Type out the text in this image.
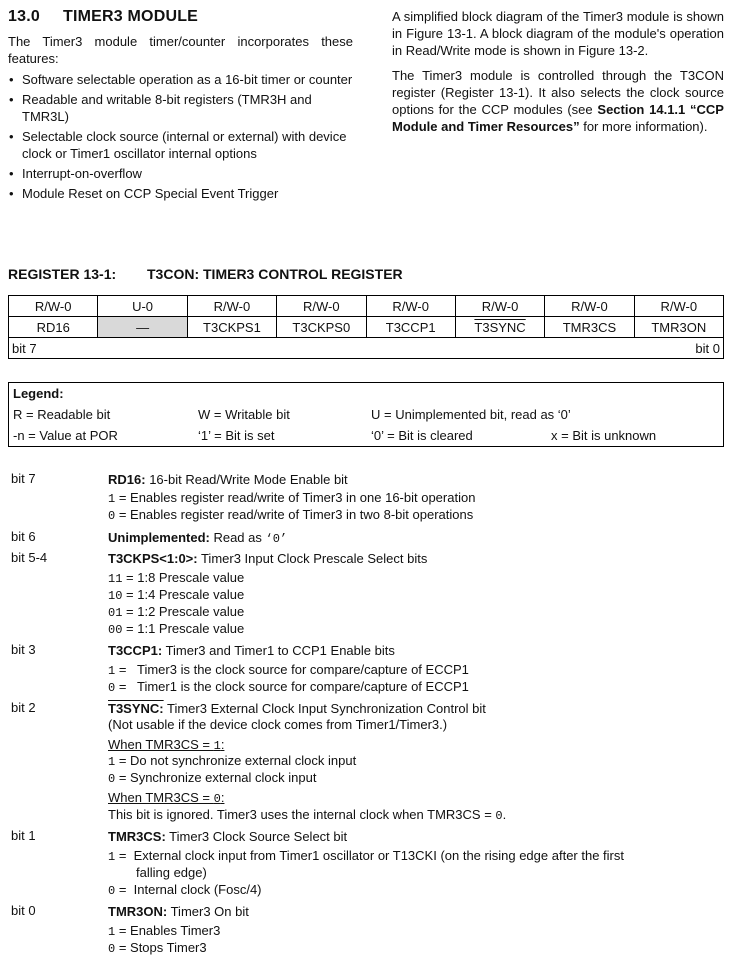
13.0 TIMER3 MODULE

The Timer3 module timer/counter incorporates these features:

• Software selectable operation as a 16-bit timer or counter
• Readable and writable 8-bit registers (TMR3H and TMR3L)
• Selectable clock source (internal or external) with device clock or Timer1 oscillator internal options
• Interrupt-on-overflow
• Module Reset on CCP Special Event Trigger

A simplified block diagram of the Timer3 module is shown in Figure 13-1. A block diagram of the module's operation in Read/Write mode is shown in Figure 13-2.

The Timer3 module is controlled through the T3CON register (Register 13-1). It also selects the clock source options for the CCP modules (see Section 14.1.1 “CCP Module and Timer Resources” for more information).

REGISTER 13-1: T3CON: TIMER3 CONTROL REGISTER
R/W-0	U-0	R/W-0	R/W-0	R/W-0	R/W-0	R/W-0	R/W-0
RD16	—	T3CKPS1	T3CKPS0	T3CCP1	T3SYNC	TMR3CS	TMR3ON
bit 7 bit 0							
Legend:
R = Readable bit	W = Writable bit	U = Unimplemented bit, read as ‘0’
-n = Value at POR	‘1’ = Bit is set	‘0’ = Bit is cleared	x = Bit is unknown
bit 7	RD16: 16-bit Read/Write Mode Enable bit
1 = Enables register read/write of Timer3 in one 16-bit operation
0 = Enables register read/write of Timer3 in two 8-bit operations
bit 6	Unimplemented: Read as ‘0’
bit 5-4	T3CKPS<1:0>: Timer3 Input Clock Prescale Select bits
11 = 1:8 Prescale value
10 = 1:4 Prescale value
01 = 1:2 Prescale value
00 = 1:1 Prescale value
bit 3	T3CCP1: Timer3 and Timer1 to CCP1 Enable bits
1 =   Timer3 is the clock source for compare/capture of ECCP1
0 =   Timer1 is the clock source for compare/capture of ECCP1
bit 2	T3SYNC: Timer3 External Clock Input Synchronization Control bit
(Not usable if the device clock comes from Timer1/Timer3.)
When TMR3CS = 1:
1 = Do not synchronize external clock input
0 = Synchronize external clock input
When TMR3CS = 0:
This bit is ignored. Timer3 uses the internal clock when TMR3CS = 0.
bit 1	TMR3CS: Timer3 Clock Source Select bit
1 =  External clock input from Timer1 oscillator or T13CKI (on the rising edge after the first
falling edge)
0 =  Internal clock (Fosc/4)
bit 0	TMR3ON: Timer3 On bit
1 = Enables Timer3
0 = Stops Timer3
